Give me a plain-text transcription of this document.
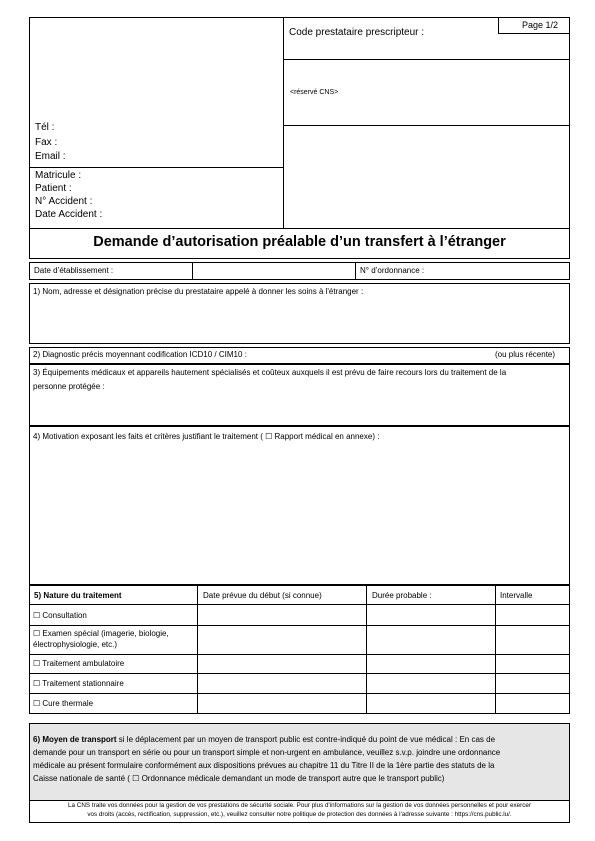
Page 1/2
Code prestataire prescripteur :
<réservé CNS>
Tél :
Fax :
Email :
Matricule :
Patient :
N° Accident :
Date Accident :
Demande d’autorisation préalable d’un transfert à l’étranger
Date d’établissement :	N° d’ordonnance :
1) Nom, adresse et désignation précise du prestataire appelé à donner les soins à l'étranger :
2) Diagnostic précis moyennant codification ICD10 / CIM10 :	(ou plus récente)
3) Équipements médicaux et appareils hautement spécialisés et coûteux auxquels il est prévu de faire recours lors du traitement de la
personne protégée :
4) Motivation exposant les faits et critères justifiant le traitement ( ☐ Rapport médical en annexe) :
5) Nature du traitement	Date prévue du début (si connue)	Durée probable :	Intervalle
☐ Consultation
☐ Examen spécial (imagerie, biologie, électrophysiologie, etc.)
☐ Traitement ambulatoire
☐ Traitement stationnaire
☐ Cure thermale
6) Moyen de transport si le déplacement par un moyen de transport public est contre-indiqué du point de vue médical : En cas de
demande pour un transport en série ou pour un transport simple et non-urgent en ambulance, veuillez s.v.p. joindre une ordonnance
médicale au présent formulaire conformément aux dispositions prévues au chapitre 11 du Titre II de la 1ère partie des statuts de la
Caisse nationale de santé ( ☐ Ordonnance médicale demandant un mode de transport autre que le transport public)
La CNS traite vos données pour la gestion de vos prestations de sécurité sociale. Pour plus d'informations sur la gestion de vos données personnelles et pour exercer
vos droits (accès, rectification, suppression, etc.), veuillez consulter notre politique de protection des données à l'adresse suivante : https://cns.public.lu/.
